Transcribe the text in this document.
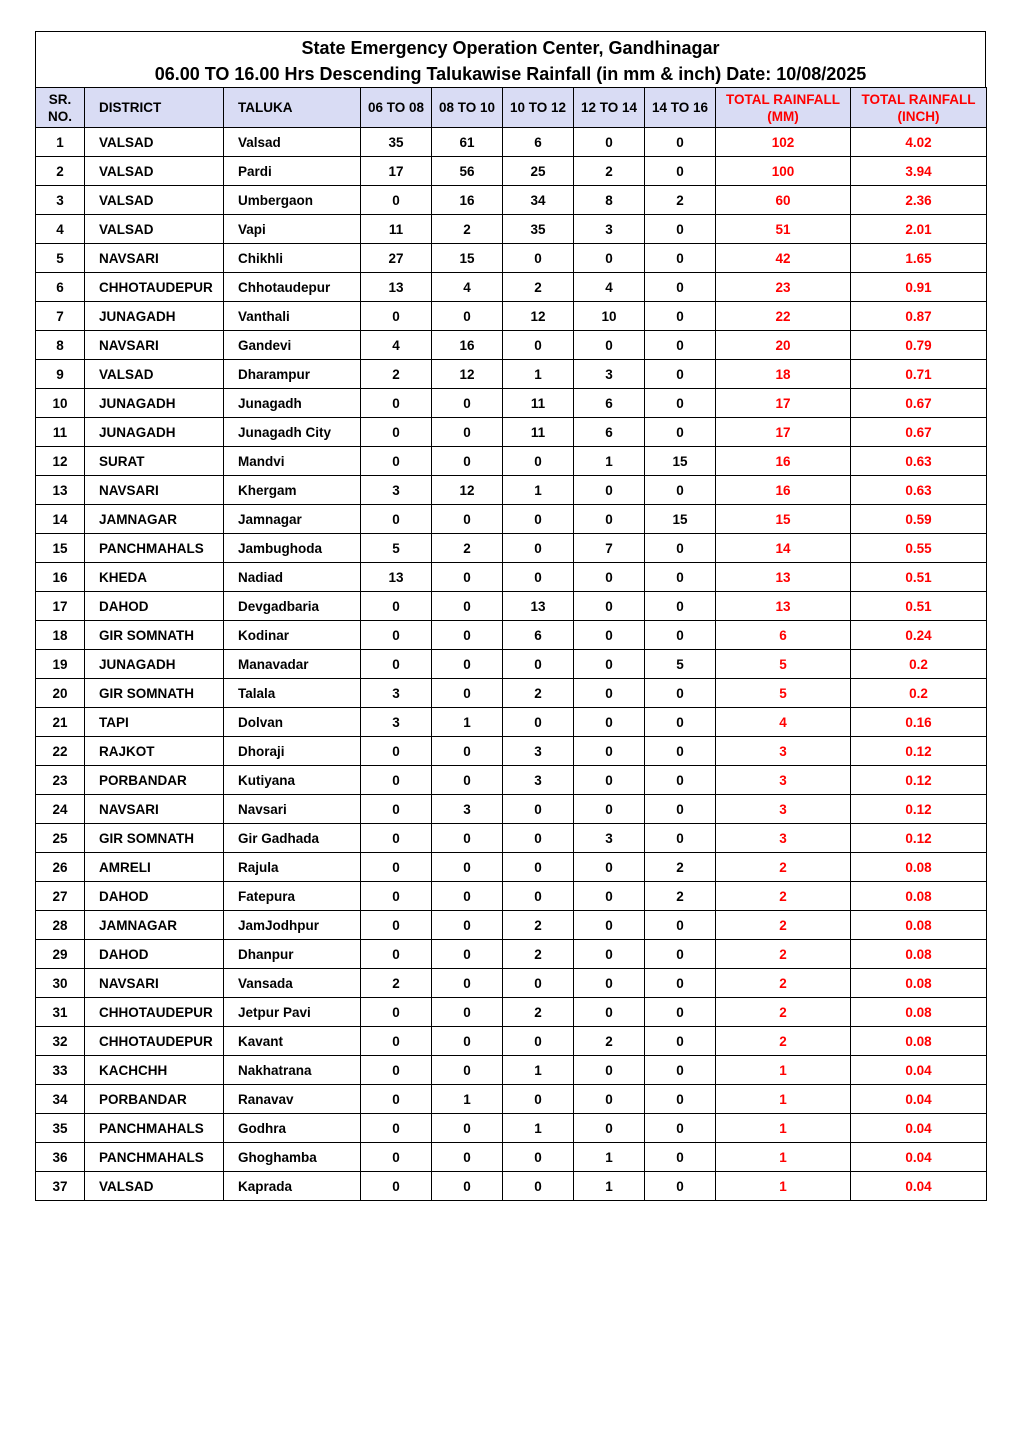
State Emergency Operation Center, Gandhinagar
06.00 TO 16.00 Hrs Descending Talukawise Rainfall (in mm & inch) Date: 10/08/2025
SR. NO.	DISTRICT	TALUKA	06 TO 08	08 TO 10	10 TO 12	12 TO 14	14 TO 16	TOTAL RAINFALL (MM)	TOTAL RAINFALL (INCH)
1	VALSAD	Valsad	35	61	6	0	0	102	4.02
2	VALSAD	Pardi	17	56	25	2	0	100	3.94
3	VALSAD	Umbergaon	0	16	34	8	2	60	2.36
4	VALSAD	Vapi	11	2	35	3	0	51	2.01
5	NAVSARI	Chikhli	27	15	0	0	0	42	1.65
6	CHHOTAUDEPUR	Chhotaudepur	13	4	2	4	0	23	0.91
7	JUNAGADH	Vanthali	0	0	12	10	0	22	0.87
8	NAVSARI	Gandevi	4	16	0	0	0	20	0.79
9	VALSAD	Dharampur	2	12	1	3	0	18	0.71
10	JUNAGADH	Junagadh	0	0	11	6	0	17	0.67
11	JUNAGADH	Junagadh City	0	0	11	6	0	17	0.67
12	SURAT	Mandvi	0	0	0	1	15	16	0.63
13	NAVSARI	Khergam	3	12	1	0	0	16	0.63
14	JAMNAGAR	Jamnagar	0	0	0	0	15	15	0.59
15	PANCHMAHALS	Jambughoda	5	2	0	7	0	14	0.55
16	KHEDA	Nadiad	13	0	0	0	0	13	0.51
17	DAHOD	Devgadbaria	0	0	13	0	0	13	0.51
18	GIR SOMNATH	Kodinar	0	0	6	0	0	6	0.24
19	JUNAGADH	Manavadar	0	0	0	0	5	5	0.2
20	GIR SOMNATH	Talala	3	0	2	0	0	5	0.2
21	TAPI	Dolvan	3	1	0	0	0	4	0.16
22	RAJKOT	Dhoraji	0	0	3	0	0	3	0.12
23	PORBANDAR	Kutiyana	0	0	3	0	0	3	0.12
24	NAVSARI	Navsari	0	3	0	0	0	3	0.12
25	GIR SOMNATH	Gir Gadhada	0	0	0	3	0	3	0.12
26	AMRELI	Rajula	0	0	0	0	2	2	0.08
27	DAHOD	Fatepura	0	0	0	0	2	2	0.08
28	JAMNAGAR	JamJodhpur	0	0	2	0	0	2	0.08
29	DAHOD	Dhanpur	0	0	2	0	0	2	0.08
30	NAVSARI	Vansada	2	0	0	0	0	2	0.08
31	CHHOTAUDEPUR	Jetpur Pavi	0	0	2	0	0	2	0.08
32	CHHOTAUDEPUR	Kavant	0	0	0	2	0	2	0.08
33	KACHCHH	Nakhatrana	0	0	1	0	0	1	0.04
34	PORBANDAR	Ranavav	0	1	0	0	0	1	0.04
35	PANCHMAHALS	Godhra	0	0	1	0	0	1	0.04
36	PANCHMAHALS	Ghoghamba	0	0	0	1	0	1	0.04
37	VALSAD	Kaprada	0	0	0	1	0	1	0.04
